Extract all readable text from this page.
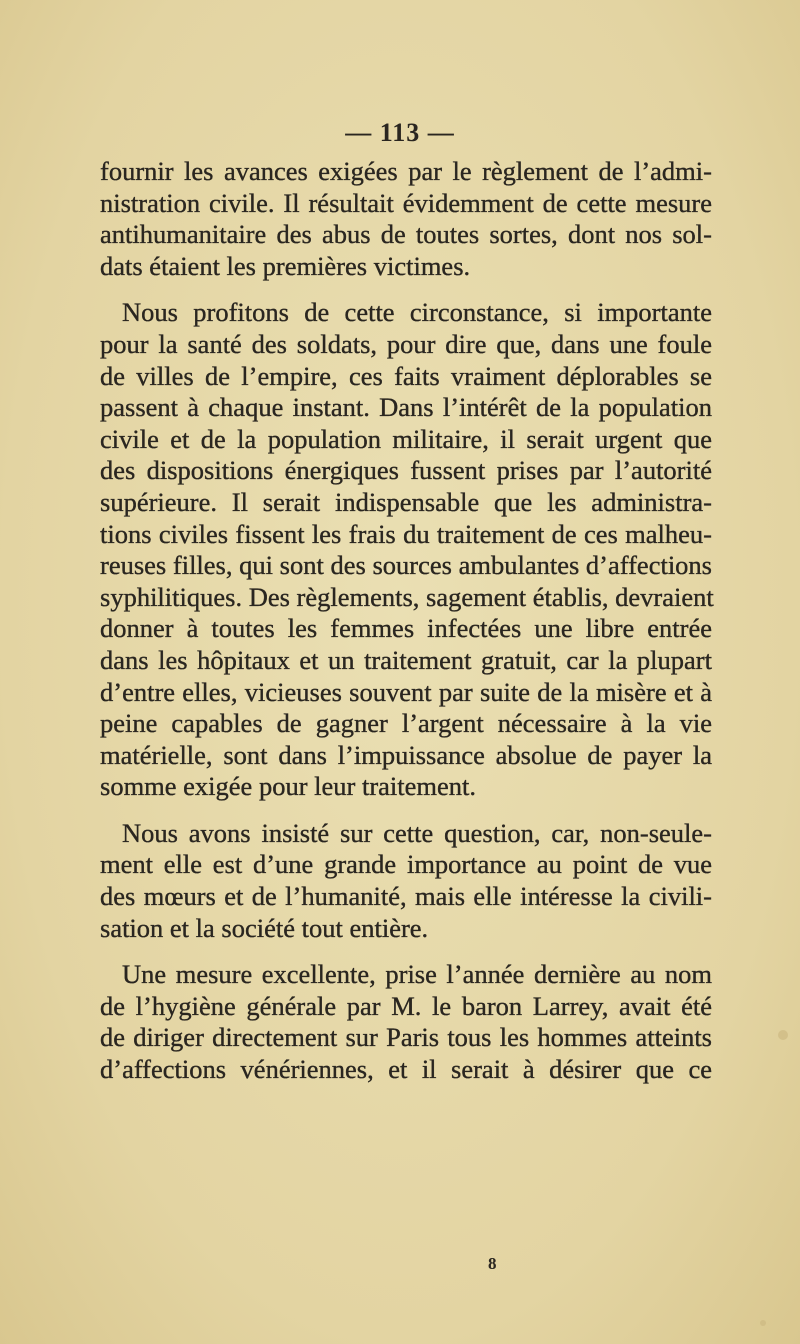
— 113 —
fournir les avances exigées par le règlement de l’admi-
nistration civile. Il résultait évidemment de cette mesure
antihumanitaire des abus de toutes sortes, dont nos sol-
dats étaient les premières victimes.
Nous profitons de cette circonstance, si importante
pour la santé des soldats, pour dire que, dans une foule
de villes de l’empire, ces faits vraiment déplorables se
passent à chaque instant. Dans l’intérêt de la population
civile et de la population militaire, il serait urgent que
des dispositions énergiques fussent prises par l’autorité
supérieure. Il serait indispensable que les administra-
tions civiles fissent les frais du traitement de ces malheu-
reuses filles, qui sont des sources ambulantes d’affections
syphilitiques. Des règlements, sagement établis, devraient
donner à toutes les femmes infectées une libre entrée
dans les hôpitaux et un traitement gratuit, car la plupart
d’entre elles, vicieuses souvent par suite de la misère et à
peine capables de gagner l’argent nécessaire à la vie
matérielle, sont dans l’impuissance absolue de payer la
somme exigée pour leur traitement.
Nous avons insisté sur cette question, car, non-seule-
ment elle est d’une grande importance au point de vue
des mœurs et de l’humanité, mais elle intéresse la civili-
sation et la société tout entière.
Une mesure excellente, prise l’année dernière au nom
de l’hygiène générale par M. le baron Larrey, avait été
de diriger directement sur Paris tous les hommes atteints
d’affections vénériennes, et il serait à désirer que ce
8
